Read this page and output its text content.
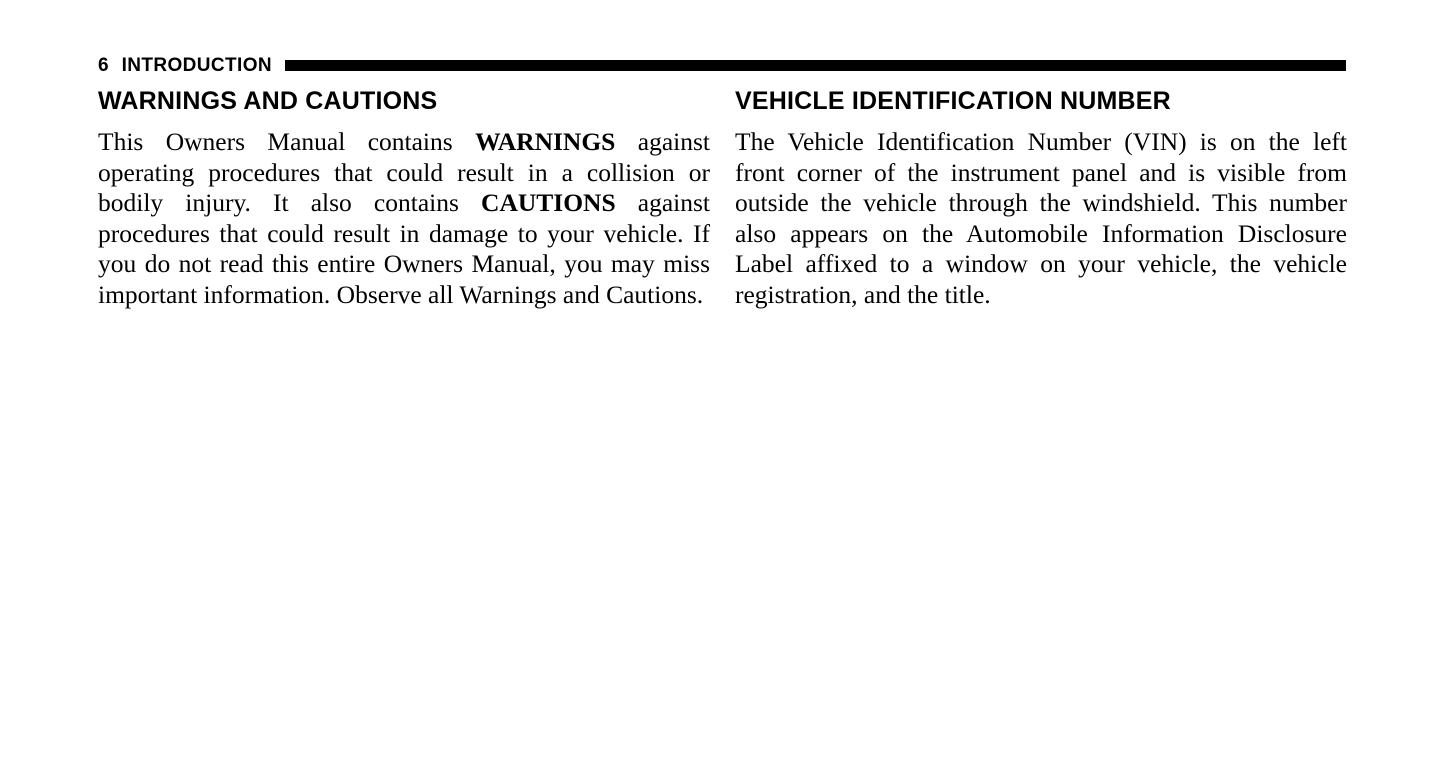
6 INTRODUCTION
WARNINGS AND CAUTIONS

This Owners Manual contains WARNINGS against operating procedures that could result in a collision or bodily injury. It also contains CAUTIONS against procedures that could result in damage to your vehicle. If you do not read this entire Owners Manual, you may miss important information. Observe all Warnings and Cautions.

VEHICLE IDENTIFICATION NUMBER

The Vehicle Identification Number (VIN) is on the left front corner of the instrument panel and is visible from outside the vehicle through the windshield. This number also appears on the Automobile Information Disclosure Label affixed to a window on your vehicle, the vehicle registration, and the title.
